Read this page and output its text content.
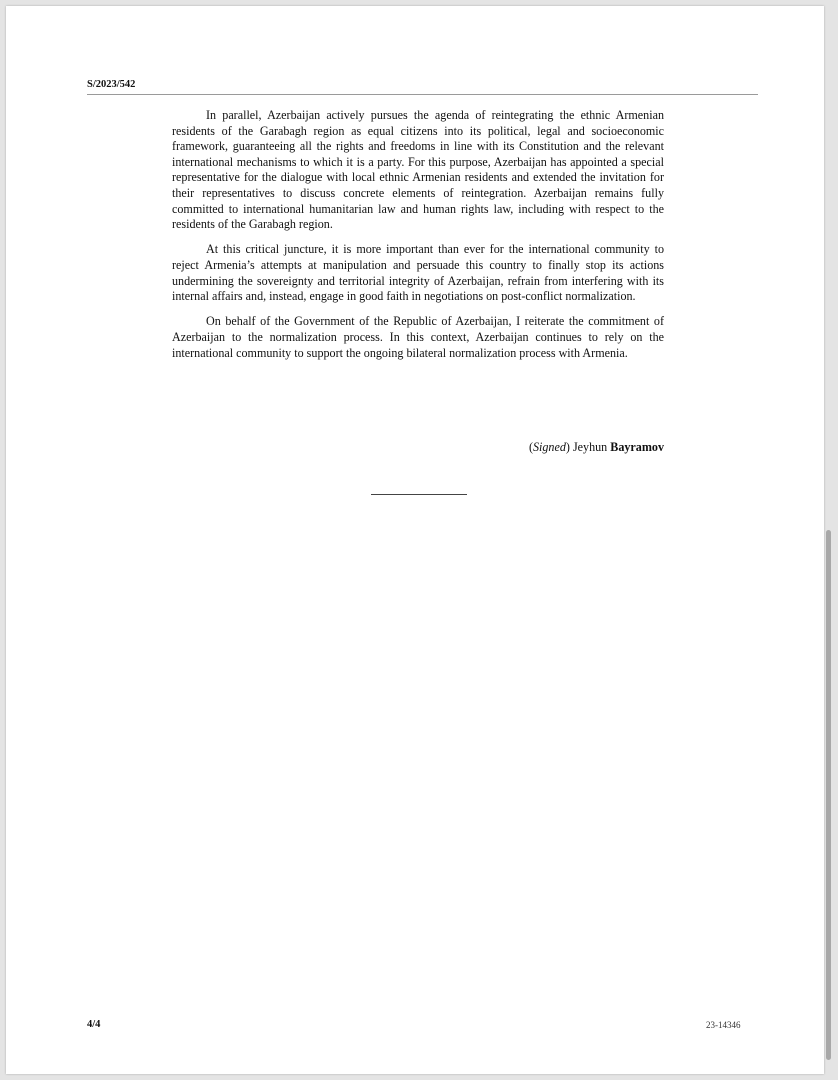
S/2023/542

In parallel, Azerbaijan actively pursues the agenda of reintegrating the ethnic Armenian residents of the Garabagh region as equal citizens into its political, legal and socioeconomic framework, guaranteeing all the rights and freedoms in line with its Constitution and the relevant international mechanisms to which it is a party. For this purpose, Azerbaijan has appointed a special representative for the dialogue with local ethnic Armenian residents and extended the invitation for their representatives to discuss concrete elements of reintegration. Azerbaijan remains fully committed to international humanitarian law and human rights law, including with respect to the residents of the Garabagh region.

At this critical juncture, it is more important than ever for the international community to reject Armenia’s attempts at manipulation and persuade this country to finally stop its actions undermining the sovereignty and territorial integrity of Azerbaijan, refrain from interfering with its internal affairs and, instead, engage in good faith in negotiations on post-conflict normalization.

On behalf of the Government of the Republic of Azerbaijan, I reiterate the commitment of Azerbaijan to the normalization process. In this context, Azerbaijan continues to rely on the international community to support the ongoing bilateral normalization process with Armenia.

(Signed) Jeyhun Bayramov
4/4	23-14346
